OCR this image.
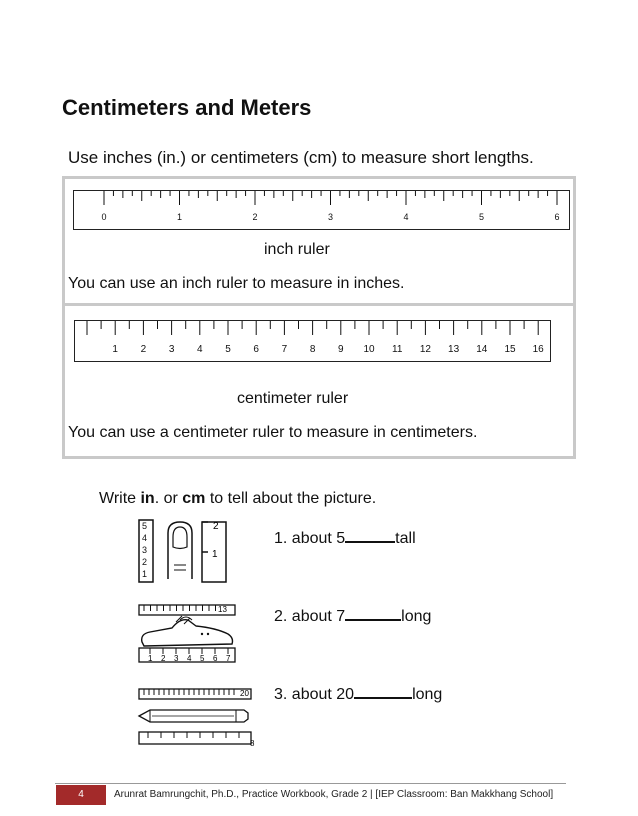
Centimeters and Meters
Use inches (in.) or centimeters (cm) to measure short lengths.
0	1	2	3	4	5	6
inch ruler
You can use an inch ruler to measure in inches.
1 2 3 4 5 6 7 8 9 10 11 12 13 14 15 16
centimeter ruler
You can use a centimeter ruler to measure in centimeters.
Write in. or cm to tell about the picture.
5
4
3
2
1
2
1
13
1 2 3 4 5 6 7
20
8
1. about 5	tall
2. about 7	long
3. about 20	long
4	Arunrat Bamrungchit, Ph.D., Practice Workbook, Grade 2 | [IEP Classroom: Ban Makkhang School]
